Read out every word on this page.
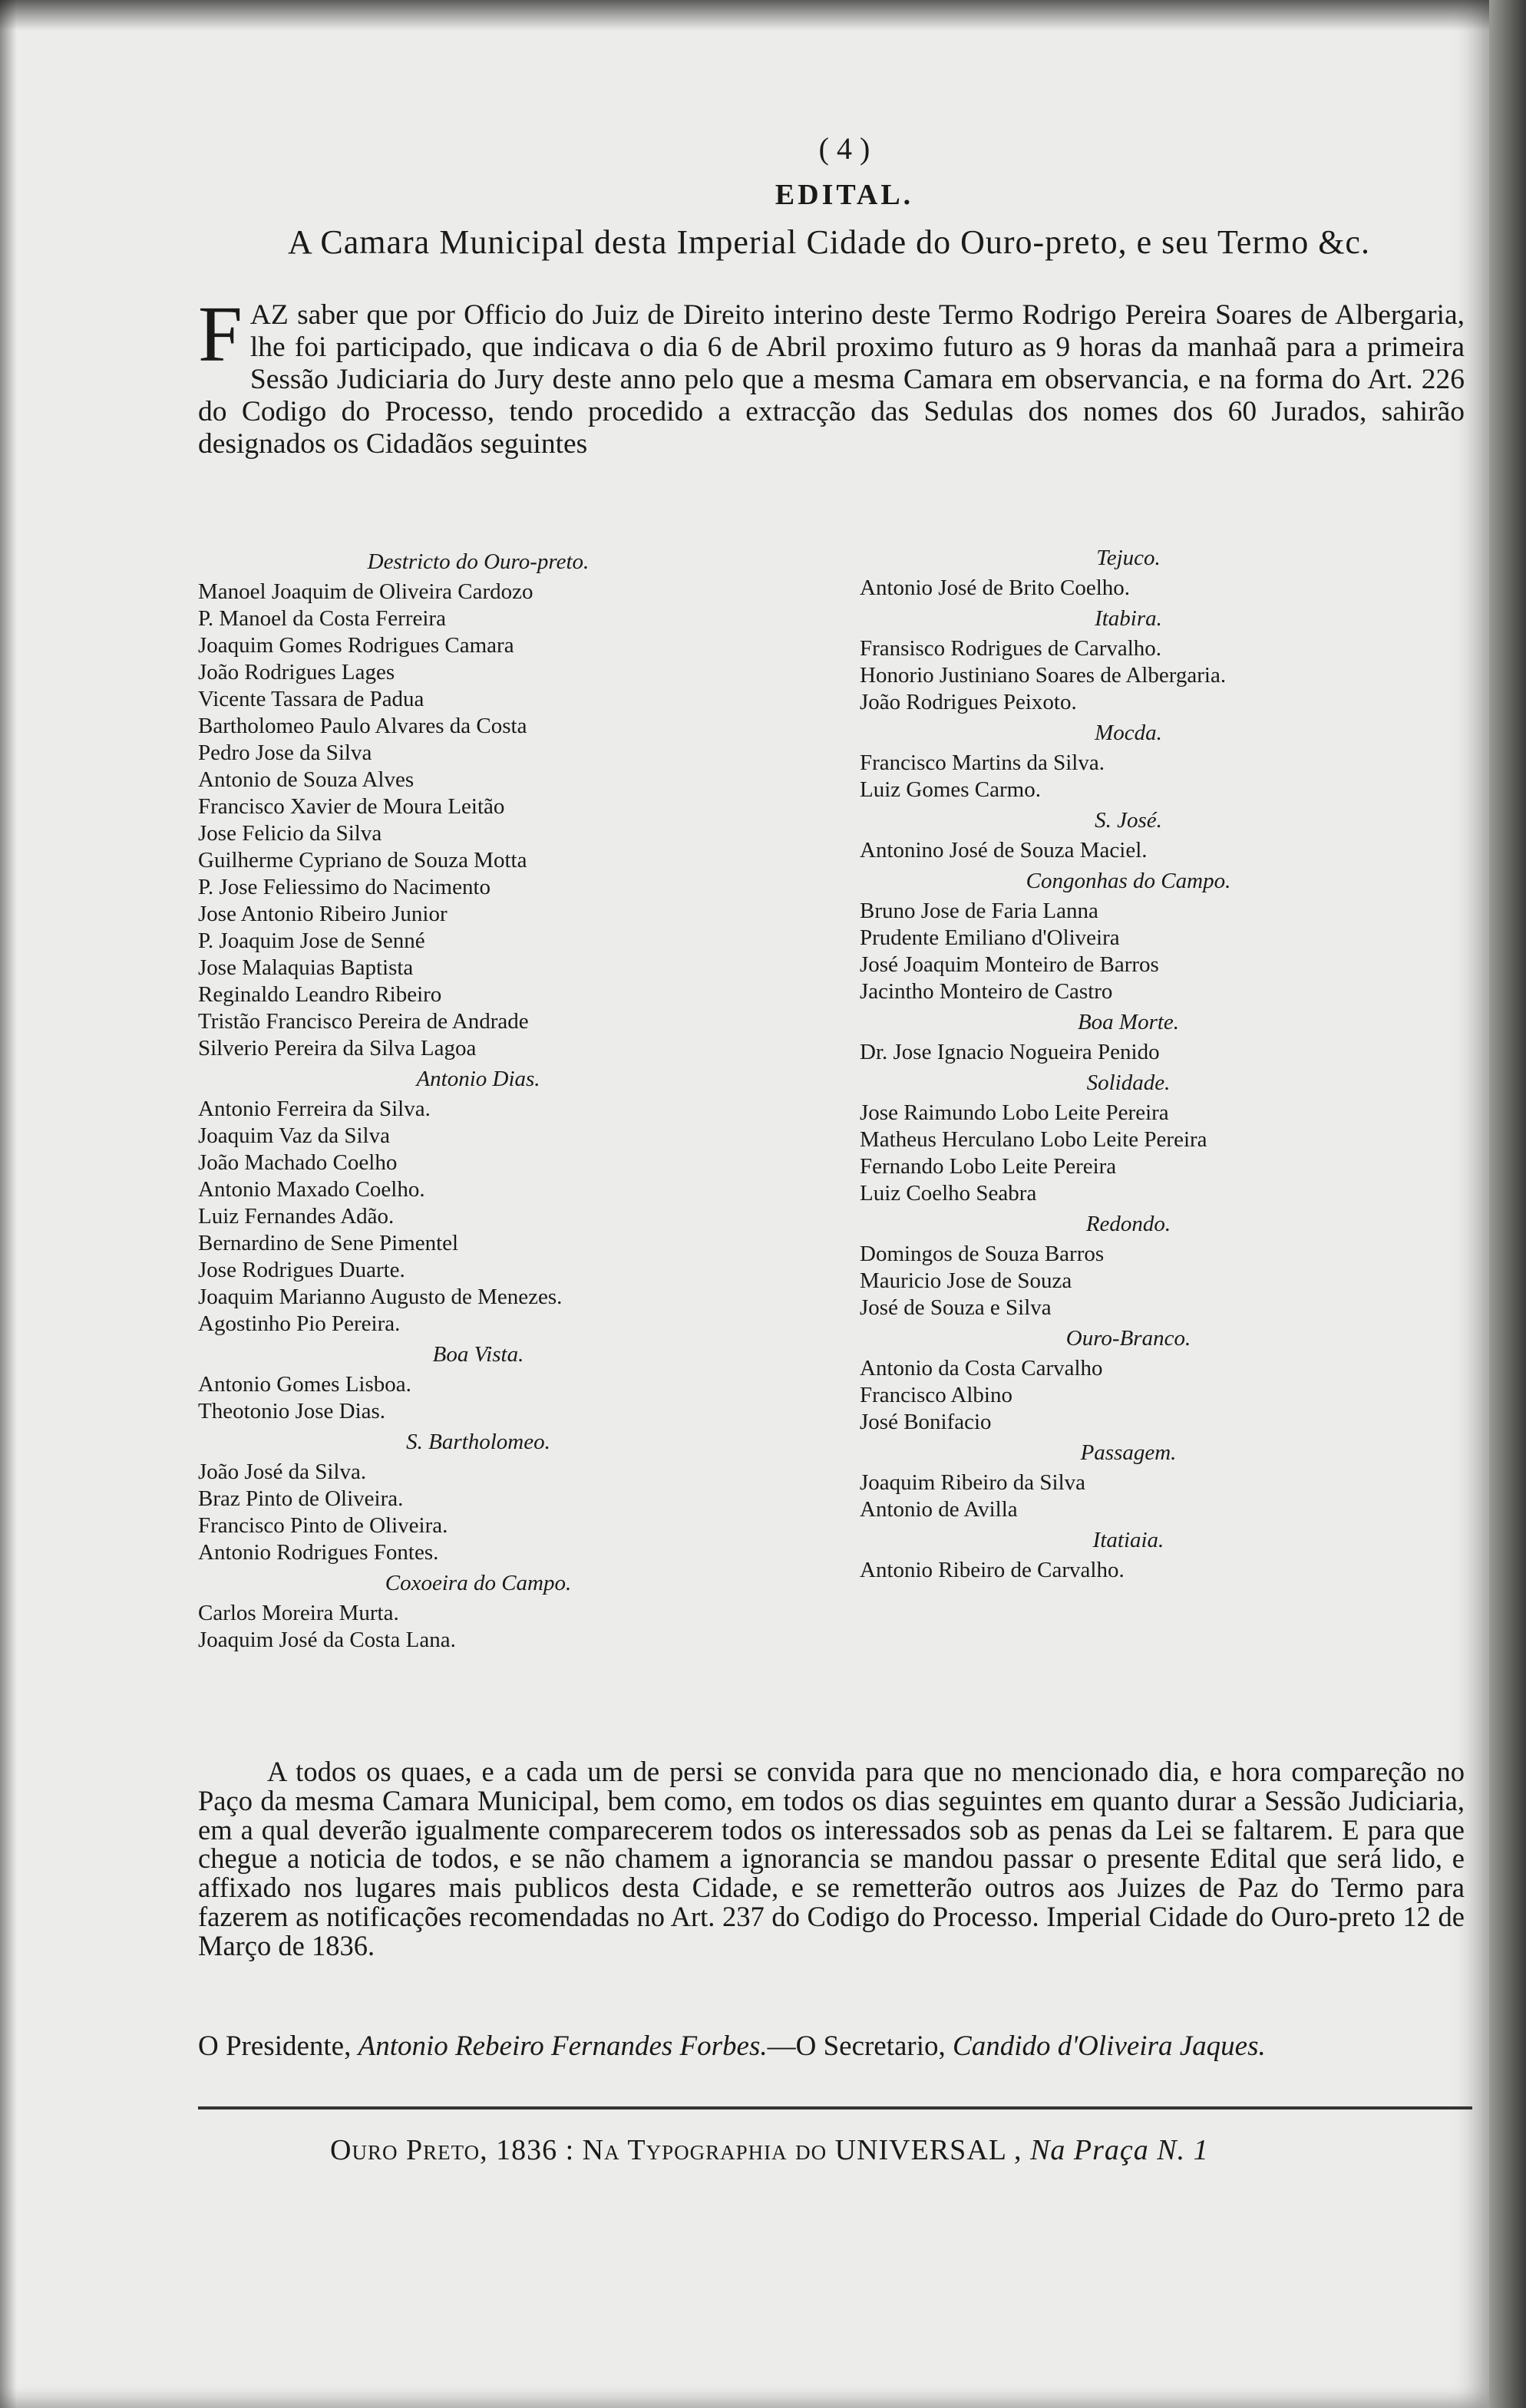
( 4 )
EDITAL.
A Camara Municipal desta Imperial Cidade do Ouro-preto, e seu Termo &c.
FAZ saber que por Officio do Juiz de Direito interino deste Termo Rodrigo Pereira Soares de Albergaria, lhe foi participado, que indicava o dia 6 de Abril proximo futuro as 9 horas da manhaã para a primeira Sessão Judiciaria do Jury deste anno pelo que a mesma Camara em observancia, e na forma do Art. 226 do Codigo do Processo, tendo procedido a extracção das Sedulas dos nomes dos 60 Jurados, sahirão designados os Cidadãos seguintes
Destricto do Ouro-preto.
Manoel Joaquim de Oliveira Cardozo
P. Manoel da Costa Ferreira
Joaquim Gomes Rodrigues Camara
João Rodrigues Lages
Vicente Tassara de Padua
Bartholomeo Paulo Alvares da Costa
Pedro Jose da Silva
Antonio de Souza Alves
Francisco Xavier de Moura Leitão
Jose Felicio da Silva
Guilherme Cypriano de Souza Motta
P. Jose Feliessimo do Nacimento
Jose Antonio Ribeiro Junior
P. Joaquim Jose de Senné
Jose Malaquias Baptista
Reginaldo Leandro Ribeiro
Tristão Francisco Pereira de Andrade
Silverio Pereira da Silva Lagoa
Antonio Dias.
Antonio Ferreira da Silva.
Joaquim Vaz da Silva
João Machado Coelho
Antonio Maxado Coelho.
Luiz Fernandes Adão.
Bernardino de Sene Pimentel
Jose Rodrigues Duarte.
Joaquim Marianno Augusto de Menezes.
Agostinho Pio Pereira.
Boa Vista.
Antonio Gomes Lisboa.
Theotonio Jose Dias.
S. Bartholomeo.
João José da Silva.
Braz Pinto de Oliveira.
Francisco Pinto de Oliveira.
Antonio Rodrigues Fontes.
Coxoeira do Campo.
Carlos Moreira Murta.
Joaquim José da Costa Lana.
Tejuco.
Antonio José de Brito Coelho.
Itabira.
Fransisco Rodrigues de Carvalho.
Honorio Justiniano Soares de Albergaria.
João Rodrigues Peixoto.
Mocda.
Francisco Martins da Silva.
Luiz Gomes Carmo.
S. José.
Antonino José de Souza Maciel.
Congonhas do Campo.
Bruno Jose de Faria Lanna
Prudente Emiliano d'Oliveira
José Joaquim Monteiro de Barros
Jacintho Monteiro de Castro
Boa Morte.
Dr. Jose Ignacio Nogueira Penido
Solidade.
Jose Raimundo Lobo Leite Pereira
Matheus Herculano Lobo Leite Pereira
Fernando Lobo Leite Pereira
Luiz Coelho Seabra
Redondo.
Domingos de Souza Barros
Mauricio Jose de Souza
José de Souza e Silva
Ouro-Branco.
Antonio da Costa Carvalho
Francisco Albino
José Bonifacio
Passagem.
Joaquim Ribeiro da Silva
Antonio de Avilla
Itatiaia.
Antonio Ribeiro de Carvalho.
A todos os quaes, e a cada um de persi se convida para que no mencionado dia, e hora compareção no Paço da mesma Camara Municipal, bem como, em todos os dias seguintes em quanto durar a Sessão Judiciaria, em a qual deverão igualmente comparecerem todos os interessados sob as penas da Lei se faltarem. E para que chegue a noticia de todos, e se não chamem a ignorancia se mandou passar o presente Edital que será lido, e affixado nos lugares mais publicos desta Cidade, e se remetterão outros aos Juizes de Paz do Termo para fazerem as notificações recomendadas no Art. 237 do Codigo do Processo. Imperial Cidade do Ouro-preto 12 de Março de 1836.
O Presidente, Antonio Rebeiro Fernandes Forbes.—O Secretario, Candido d'Oliveira Jaques.
Ouro Preto, 1836 : Na Typographia do UNIVERSAL , Na Praça N. 1
